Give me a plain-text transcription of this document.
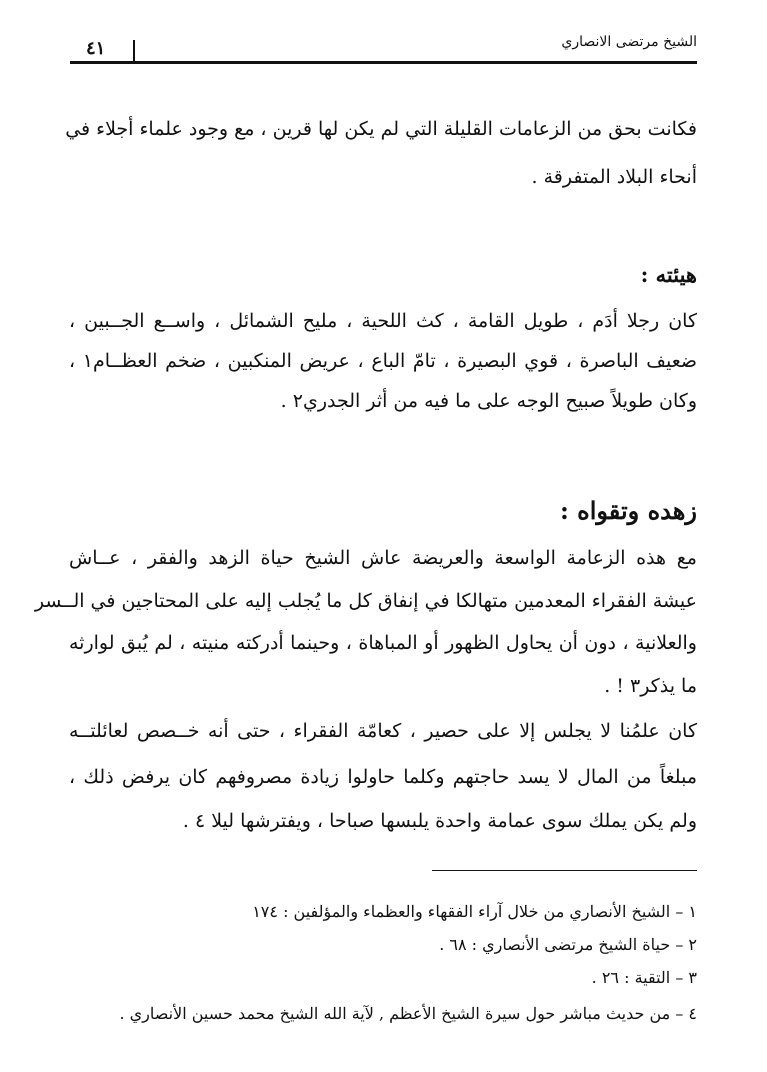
الشيخ مرتضى الانصاري
٤١
فكانت بحق من الزعامات القليلة التي لم يكن لها قرين ، مع وجود علماء أجلاء في
أنحاء البلاد المتفرقة .
هيئته :
كان رجلا أدَم ، طويل القامة ، كث اللحية ، مليح الشمائل ، واســع الجــبين ،
ضعيف الباصرة ، قوي البصيرة ، تامّ الباع ، عريض المنكبين ، ضخم العظــام١ ،
وكان طويلاً صبيح الوجه على ما فيه من أثر الجدري٢ .
زهده وتقواه :
مع هذه الزعامة الواسعة والعريضة عاش الشيخ حياة الزهد والفقر ، عــاش
عيشة الفقراء المعدمين متهالكا في إنفاق كل ما يُجلب إليه على المحتاجين في الــسر
والعلانية ، دون أن يحاول الظهور أو المباهاة ، وحينما أدركته منيته ، لم يُبق لوارثه
ما يذكر٣ ! .
كان علمُنا لا يجلس إلا على حصير ، كعامّة الفقراء ، حتى أنه خــصص لعائلتــه
مبلغاً من المال لا يسد حاجتهم وكلما حاولوا زيادة مصروفهم كان يرفض ذلك ،
ولم يكن يملك سوى عمامة واحدة يلبسها صباحا ، ويفترشها ليلا ٤ .
١ – الشيخ الأنصاري من خلال آراء الفقهاء والعظماء والمؤلفين : ١٧٤
٢ – حياة الشيخ مرتضى الأنصاري : ٦٨ .
٣ – التقية : ٢٦ .
٤ – من حديث مباشر حول سيرة الشيخ الأعظم , لآية الله الشيخ محمد حسين الأنصاري .
